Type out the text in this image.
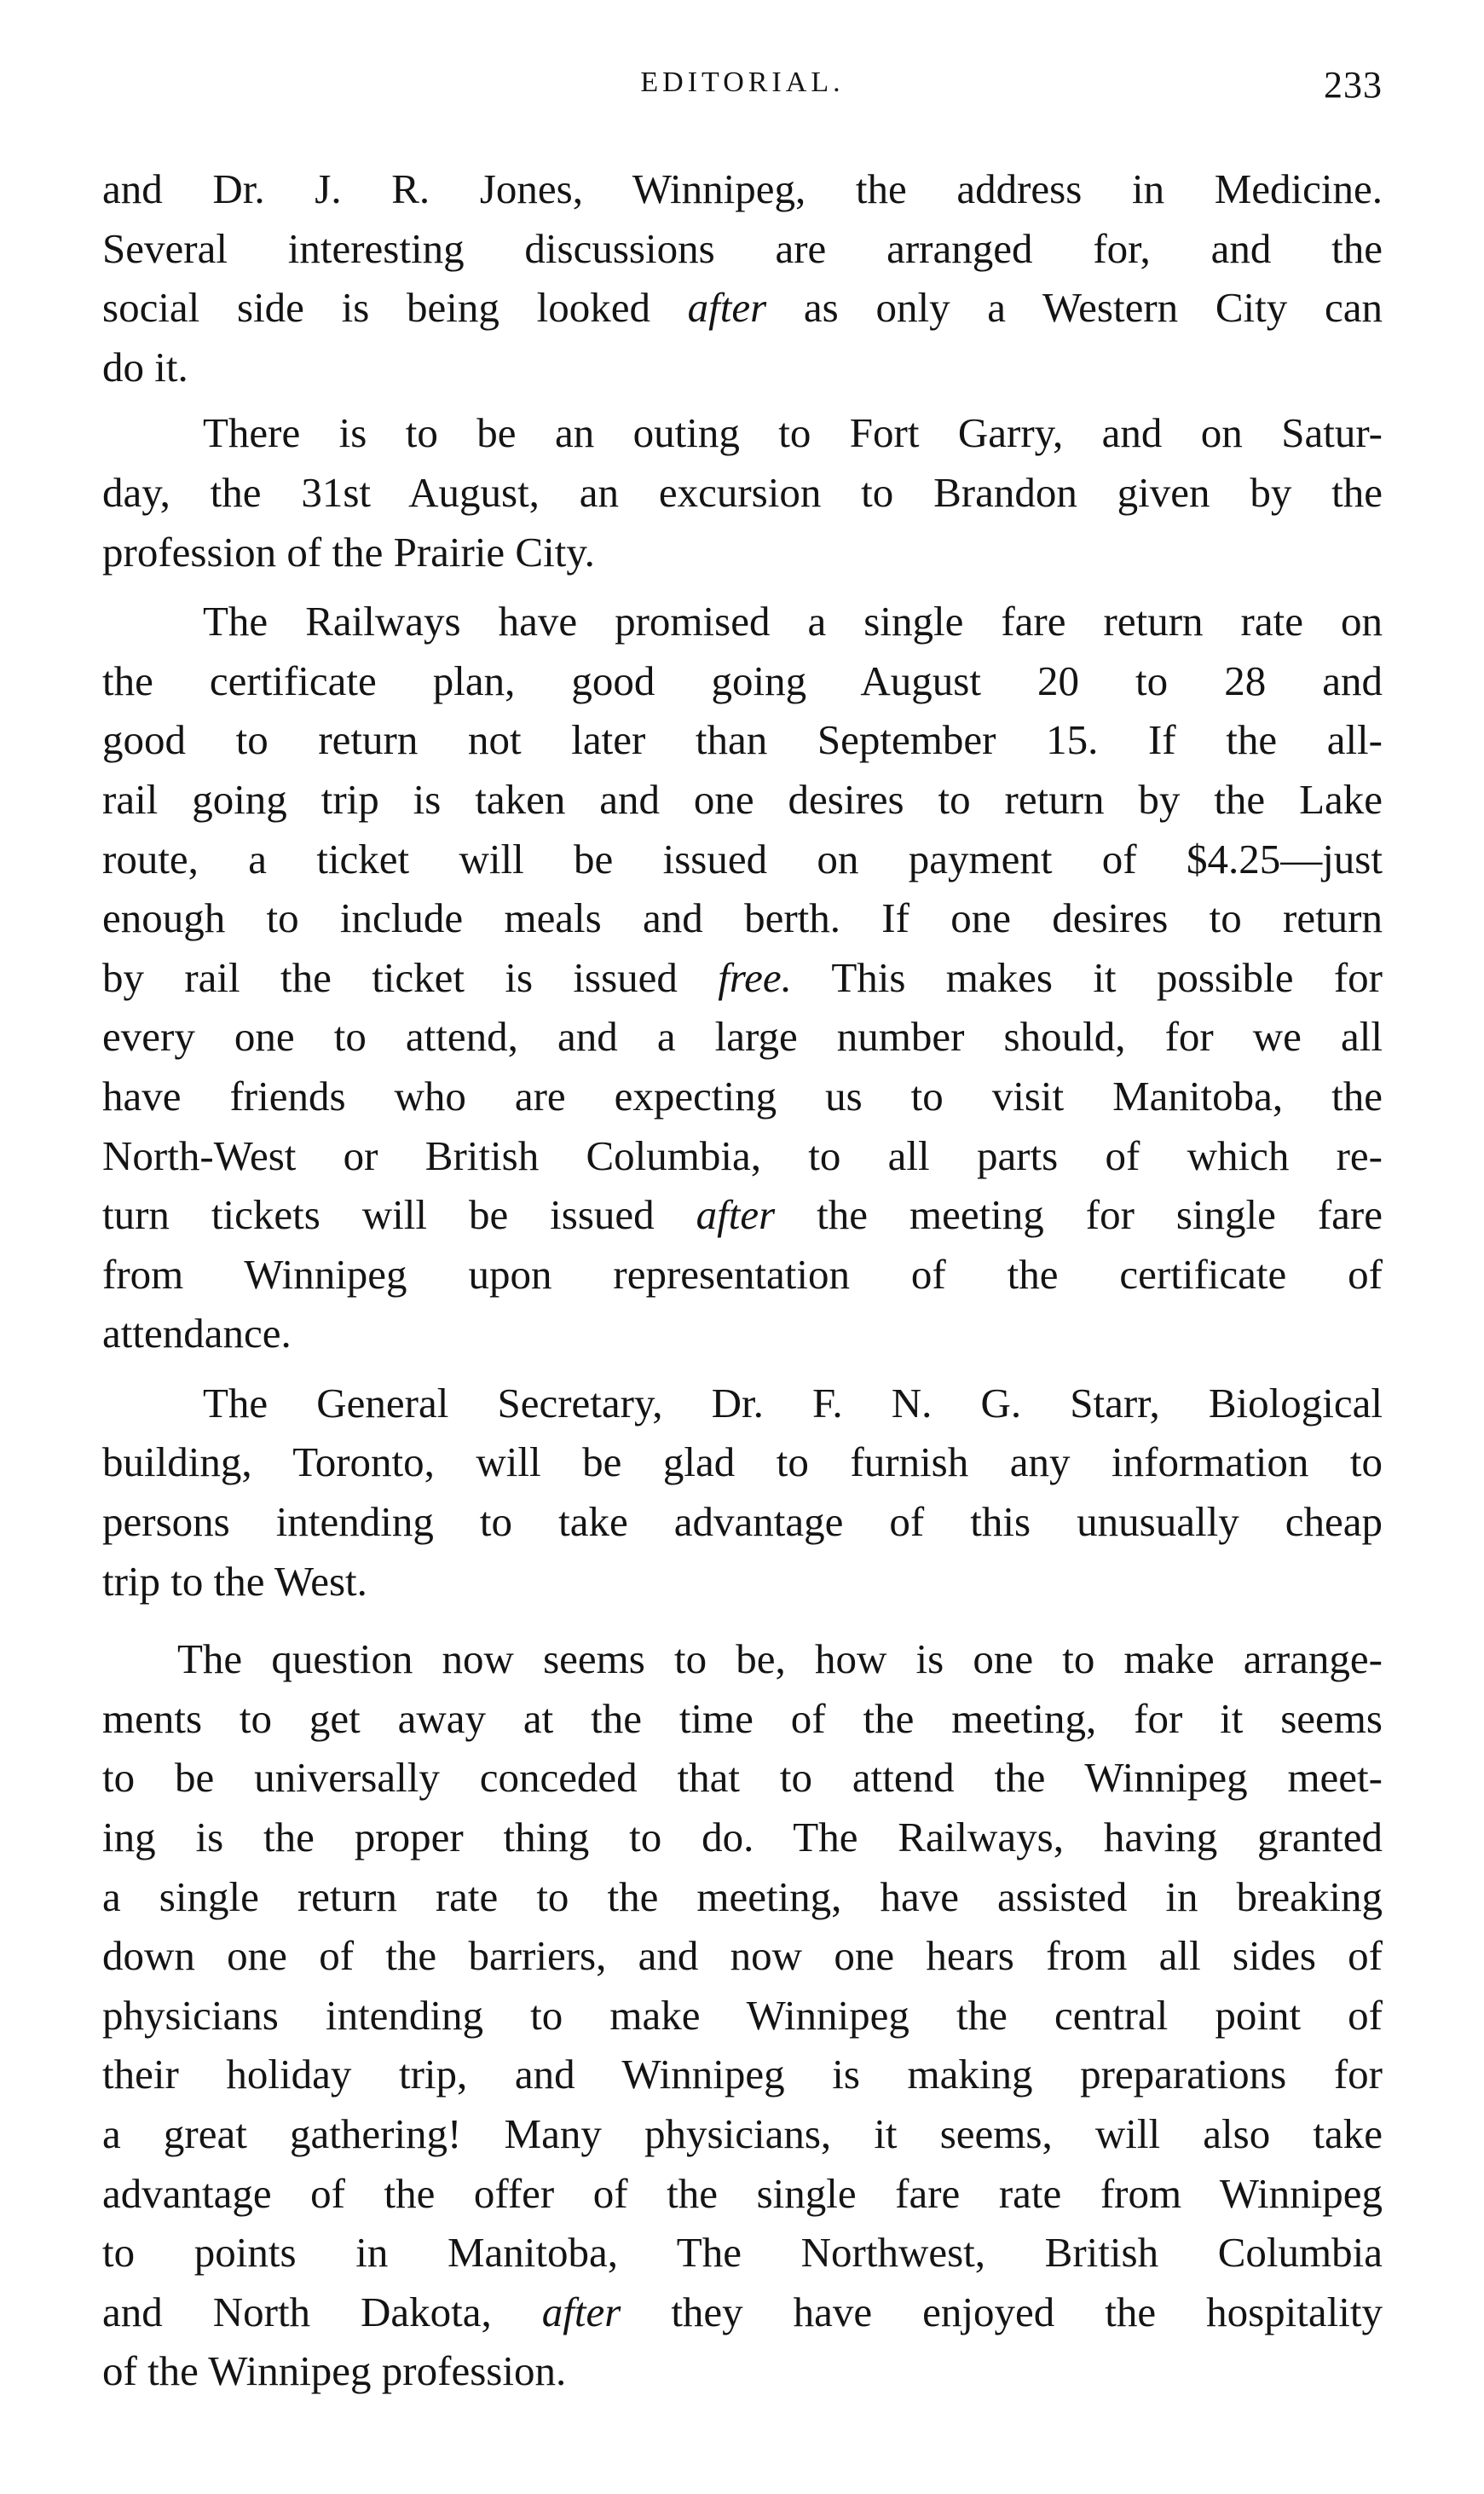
EDITORIAL.	233
and Dr. J. R. Jones, Winnipeg, the address in Medicine.
Several interesting discussions are arranged for, and the
social side is being looked after as only a Western City can
do it.
There is to be an outing to Fort Garry, and on Satur-
day, the 31st August, an excursion to Brandon given by the
profession of the Prairie City.
The Railways have promised a single fare return rate on
the certificate plan, good going August 20 to 28 and
good to return not later than September 15. If the all-
rail going trip is taken and one desires to return by the Lake
route, a ticket will be issued on payment of $4.25—just
enough to include meals and berth. If one desires to return
by rail the ticket is issued free. This makes it possible for
every one to attend, and a large number should, for we all
have friends who are expecting us to visit Manitoba, the
North-West or British Columbia, to all parts of which re-
turn tickets will be issued after the meeting for single fare
from Winnipeg upon representation of the certificate of
attendance.
The General Secretary, Dr. F. N. G. Starr, Biological
building, Toronto, will be glad to furnish any information to
persons intending to take advantage of this unusually cheap
trip to the West.
The question now seems to be, how is one to make arrange-
ments to get away at the time of the meeting, for it seems
to be universally conceded that to attend the Winnipeg meet-
ing is the proper thing to do. The Railways, having granted
a single return rate to the meeting, have assisted in breaking
down one of the barriers, and now one hears from all sides of
physicians intending to make Winnipeg the central point of
their holiday trip, and Winnipeg is making preparations for
a great gathering! Many physicians, it seems, will also take
advantage of the offer of the single fare rate from Winnipeg
to points in Manitoba, The Northwest, British Columbia
and North Dakota, after they have enjoyed the hospitality
of the Winnipeg profession.
